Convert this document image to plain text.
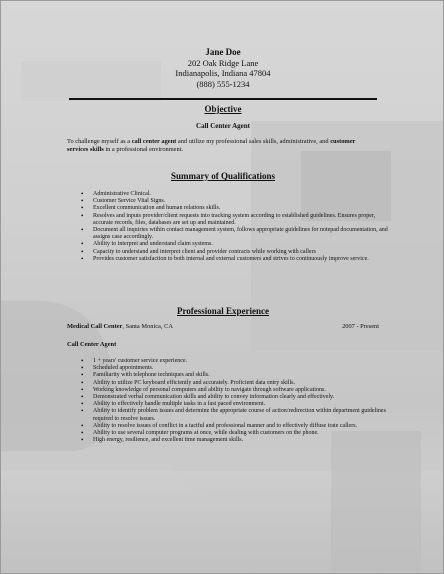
Jane Doe
202 Oak Ridge Lane
Indianapolis, Indiana 47804
(888) 555-1234
Objective
Call Center Agent
To challenge myself as a call center agent and utilize my professional sales skills, administrative, and customer services skills in a professional environment.
Summary of Qualifications
• Administrative Clinical.
• Customer Service Vital Signs.
• Excellent communication and human relations skills.
• Resolves and inputs provider/client requests into tracking system according to established guidelines. Ensures proper, accurate records, files, databases are set up and maintained.
• Document all inquiries within contact management system, follows appropriate guidelines for notepad documentation, and assigns case accordingly.
• Ability to interpret and understand claim systems.
• Capacity to understand and interpret client and provider contracts while working with callers
• Provides customer satisfaction to both internal and external customers and strives to continuously improve service.
Professional Experience
Medical Call Center, Santa Monica, CA	2007 - Present
Call Center Agent
• 1 + years' customer service experience.
• Scheduled appointments.
• Familiarity with telephone techniques and skills.
• Ability to utilize PC keyboard efficiently and accurately. Proficient data entry skills.
• Working knowledge of personal computers and ability to navigate through software applications.
• Demonstrated verbal communication skills and ability to convey information clearly and effectively.
• Ability to effectively handle multiple tasks in a fast paced environment.
• Ability to identify problem issues and determine the appropriate course of action/redirection within department guidelines required to resolve issues.
• Ability to resolve issues of conflict in a tactful and professional manner and to effectively diffuse irate callers.
• Ability to use several computer programs at once, while dealing with customers on the phone.
• High energy, resilience, and excellent time management skills.
